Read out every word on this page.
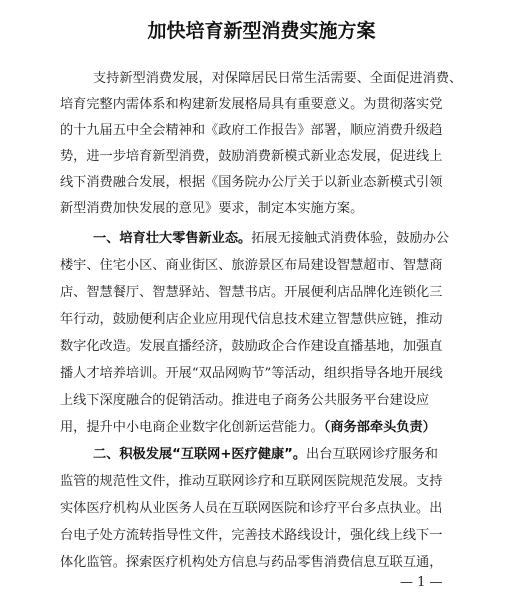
加快培育新型消费实施方案
支持新型消费发展，对保障居民日常生活需要、全面促进消费、
培育完整内需体系和构建新发展格局具有重要意义。为贯彻落实党
的十九届五中全会精神和《政府工作报告》部署，顺应消费升级趋
势，进一步培育新型消费，鼓励消费新模式新业态发展，促进线上
线下消费融合发展，根据《国务院办公厅关于以新业态新模式引领
新型消费加快发展的意见》要求，制定本实施方案。
一、培育壮大零售新业态。拓展无接触式消费体验，鼓励办公
楼宇、住宅小区、商业街区、旅游景区布局建设智慧超市、智慧商
店、智慧餐厅、智慧驿站、智慧书店。开展便利店品牌化连锁化三
年行动，鼓励便利店企业应用现代信息技术建立智慧供应链，推动
数字化改造。发展直播经济，鼓励政企合作建设直播基地，加强直
播人才培养培训。开展“双品网购节”等活动，组织指导各地开展线
上线下深度融合的促销活动。推进电子商务公共服务平台建设应
用，提升中小电商企业数字化创新运营能力。（商务部牵头负责）
二、积极发展“互联网+医疗健康”。出台互联网诊疗服务和
监管的规范性文件，推动互联网诊疗和互联网医院规范发展。支持
实体医疗机构从业医务人员在互联网医院和诊疗平台多点执业。出
台电子处方流转指导性文件，完善技术路线设计，强化线上线下一
体化监管。探索医疗机构处方信息与药品零售消费信息互联互通，
— 1 —
